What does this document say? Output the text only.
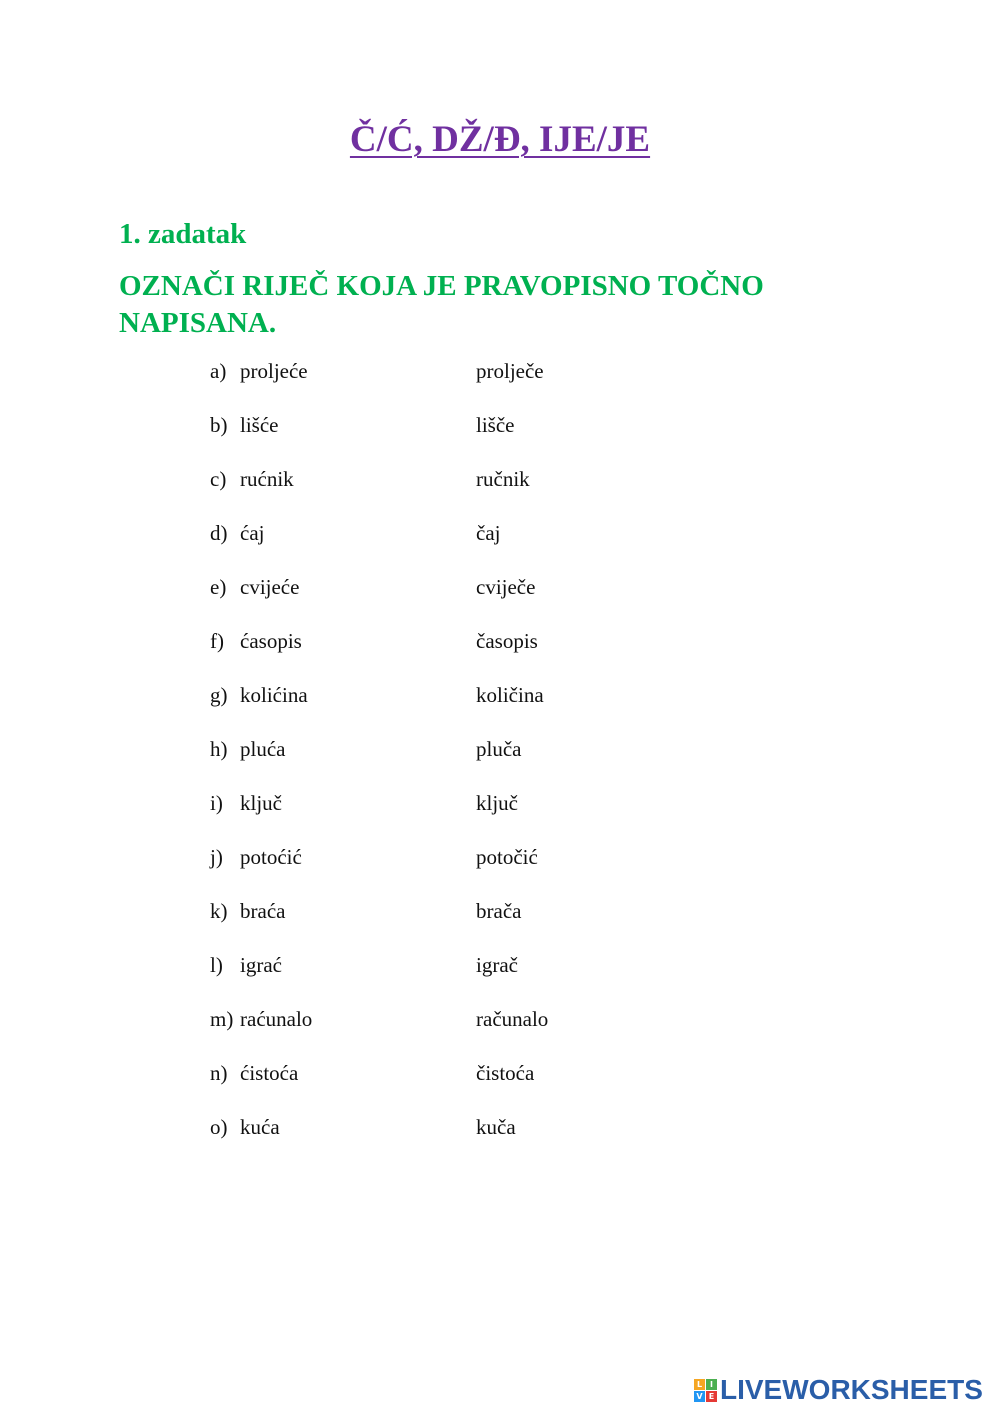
Č/Ć, DŽ/Đ, IJE/JE
1. zadatak
OZNAČI RIJEČ KOJA JE PRAVOPISNO TOČNO
NAPISANA.
a) proljeće	prolječe
b) lišće	lišče
c) rućnik	ručnik
d) ćaj	čaj
e) cvijeće	cviječe
f) ćasopis	časopis
g) kolićina	količina
h) pluća	pluča
i) ključ	ključ
j) potoćić	potočić
k) braća	brača
l) igrać	igrač
m) raćunalo	računalo
n) ćistoća	čistoća
o) kuća	kuča
L I
V E LIVEWORKSHEETS
